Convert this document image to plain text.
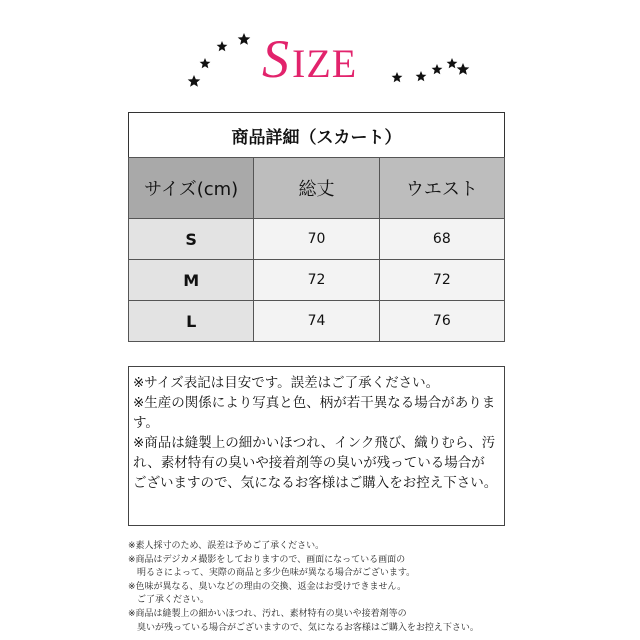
SIZE
商品詳細（スカート）		
サイズ(cm)	総丈	ウエスト
S	70	68
M	72	72
L	74	76

※サイズ表記は目安です。誤差はご了承ください。

※生産の関係により写真と色、柄が若干異なる場合があります。

※商品は縫製上の細かいほつれ、インク飛び、織りむら、汚れ、素材特有の臭いや接着剤等の臭いが残っている場合がございますので、気になるお客様はご購入をお控え下さい。

※素人採寸のため、誤差は予めご了承ください。

※商品はデジカメ撮影をしておりますので、画面になっている画面の

　明るさによって、実際の商品と多少色味が異なる場合がございます。

※色味が異なる、臭いなどの理由の交換、返金はお受けできません。

　ご了承ください。

※商品は縫製上の細かいほつれ、汚れ、素材特有の臭いや接着剤等の

　臭いが残っている場合がございますので、気になるお客様はご購入をお控え下さい。
